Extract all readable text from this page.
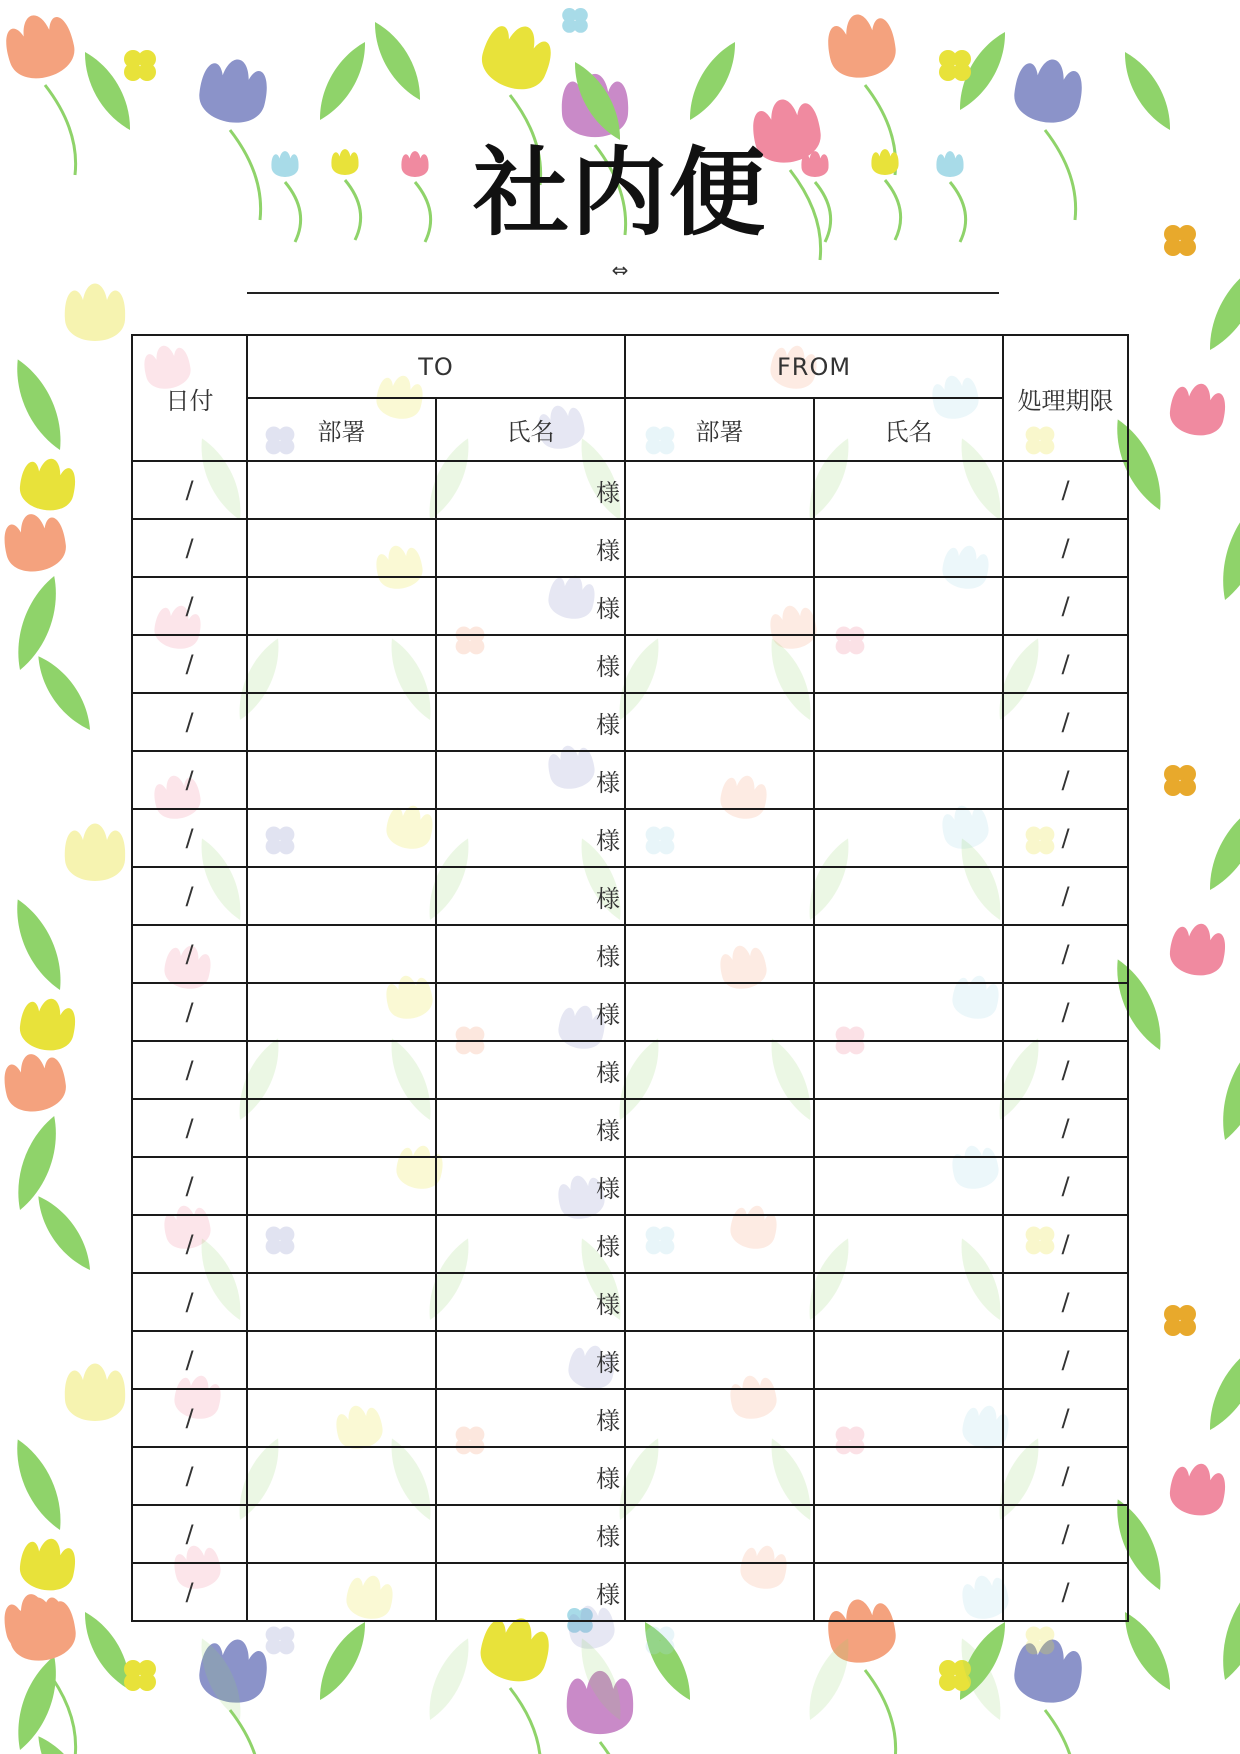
社内便
⇔
日付	TO		FROM		処理期限
	部署	氏名	部署	氏名	
/		様			/
/		様			/
/		様			/
/		様			/
/		様			/
/		様			/
/		様			/
/		様			/
/		様			/
/		様			/
/		様			/
/		様			/
/		様			/
/		様			/
/		様			/
/		様			/
/		様			/
/		様			/
/		様			/
/		様			/
